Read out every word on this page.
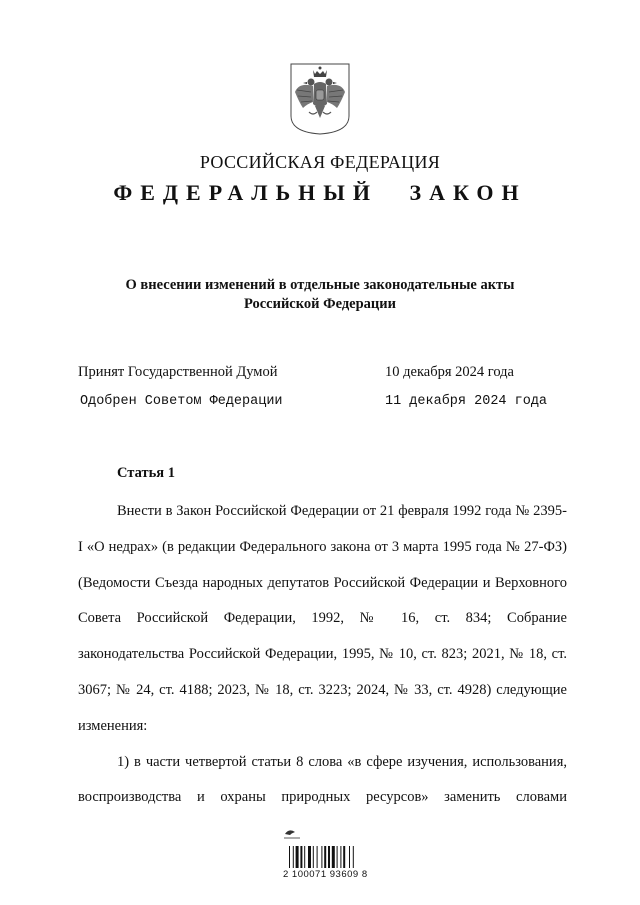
РОССИЙСКАЯ ФЕДЕРАЦИЯ
ФЕДЕРАЛЬНЫЙ ЗАКОН
О внесении изменений в отдельные законодательные акты
Российской Федерации
Принят Государственной Думой	10 декабря 2024 года
Одобрен Советом Федерации	11 декабря 2024 года
Статья 1

Внести в Закон Российской Федерации от 21 февраля 1992 года № 2395-I «О недрах» (в редакции Федерального закона от 3 марта 1995 года № 27-ФЗ) (Ведомости Съезда народных депутатов Российской Федерации и Верховного Совета Российской Федерации, 1992, № 16, ст. 834; Собрание законодательства Российской Федерации, 1995, № 10, ст. 823; 2021, № 18, ст. 3067; № 24, ст. 4188; 2023, № 18, ст. 3223; 2024, № 33, ст. 4928) следующие изменения:

1) в части четвертой статьи 8 слова «в сфере изучения, использования, воспроизводства и охраны природных ресурсов» заменить словами

2 100071 93609 8
